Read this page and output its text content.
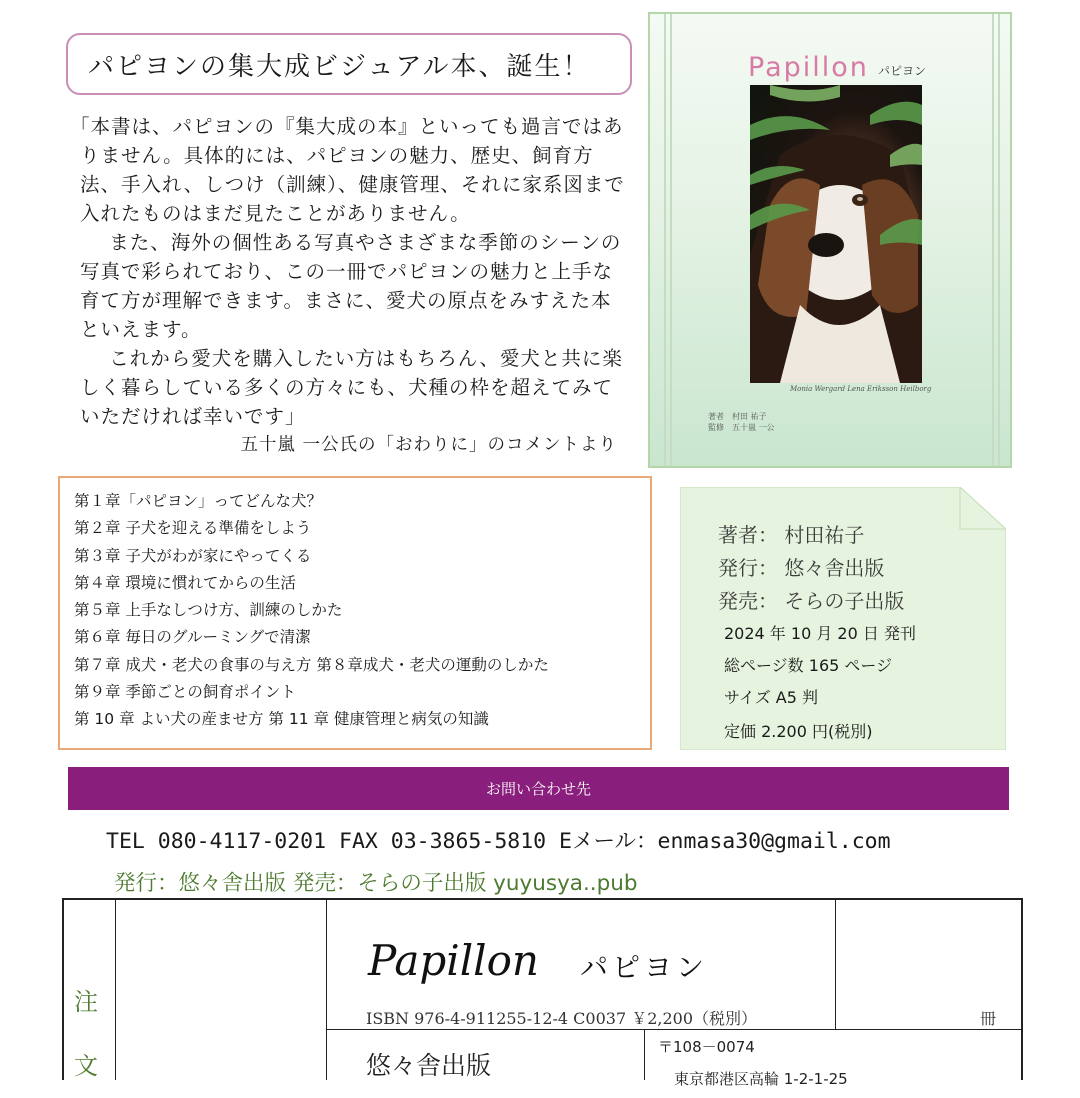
パピヨンの集大成ビジュアル本、誕生！

「本書は、パピヨンの『集大成の本』といっても過言ではありません。具体的には、パピヨンの魅力、歴史、飼育方法、手入れ、しつけ（訓練）、健康管理、それに家系図まで入れたものはまだ見たことがありません。

また、海外の個性ある写真やさまざまな季節のシーンの写真で彩られており、この一冊でパピヨンの魅力と上手な育て方が理解できます。まさに、愛犬の原点をみすえた本といえます。

これから愛犬を購入したい方はもちろん、愛犬と共に楽しく暮らしている多くの方々にも、犬種の枠を超えてみていただければ幸いです」

五十嵐 一公氏の「おわりに」のコメントより

Papillon パピヨン
Monia Wergard Lena Eriksson Heilborg
著者　村田 祐子
監修　五十嵐 一公
第１章「パピヨン」ってどんな犬？
第２章 子犬を迎える準備をしよう
第３章 子犬がわが家にやってくる
第４章 環境に慣れてからの生活
第５章 上手なしつけ方、訓練のしかた
第６章 毎日のグルーミングで清潔
第７章 成犬・老犬の食事の与え方 第８章成犬・老犬の運動のしかた
第９章 季節ごとの飼育ポイント
第 10 章 よい犬の産ませ方 第 11 章 健康管理と病気の知識
著者： 村田祐子
発行： 悠々舎出版
発売： そらの子出版
2024 年 10 月 20 日 発刊
総ページ数 165 ページ
サイズ A5 判
定価 2.200 円(税別)
お問い合わせ先
TEL 080-4117-0201 FAX 03-3865-5810 Eメール：enmasa30@gmail.com
発行：悠々舎出版 発売：そらの子出版 yuyusya..pub
注
文
Papillon パピヨン
ISBN 976-4-911255-12-4 C0037 ￥2,200（税別）	冊
悠々舎出版
〒108－0074
東京都港区高輪 1-2-1-25
